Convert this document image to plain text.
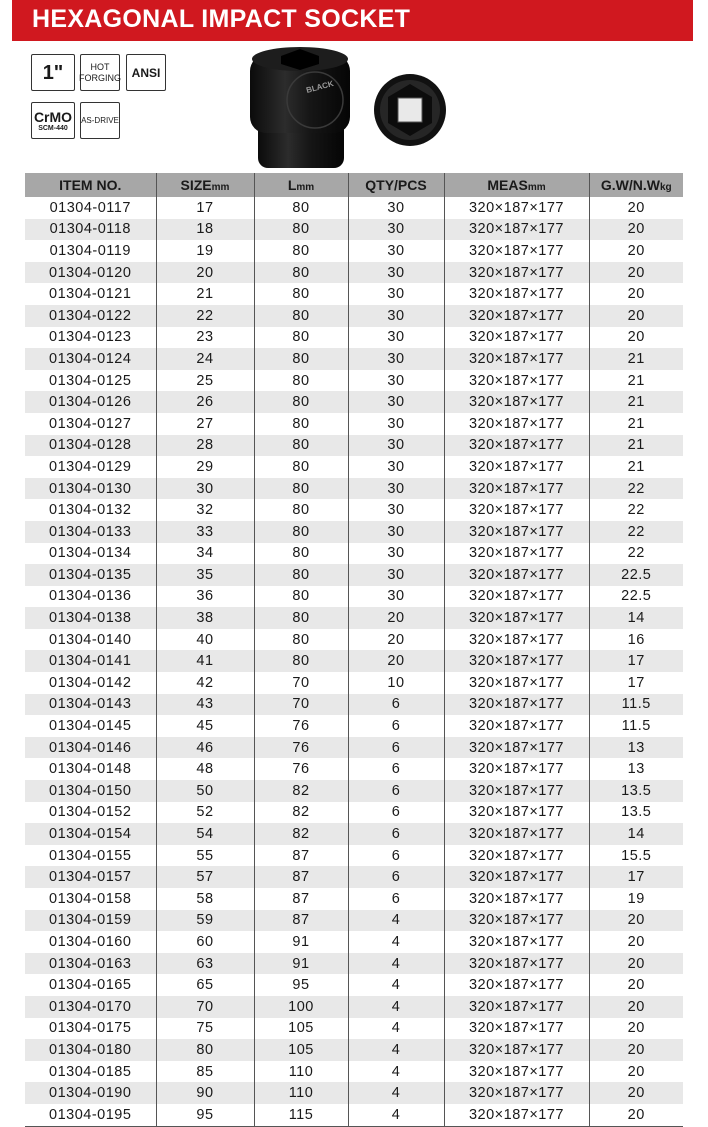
HEXAGONAL IMPACT SOCKET
1"	HOT
FORGING ANSI
CrMO
SCM-440
AS-DRIVE
BLACK
ITEM NO.	SIZEmm	Lmm	QTY/PCS	MEASmm	G.W/N.Wkg
01304-0117	17	80	30	320×187×177	20
01304-0118	18	80	30	320×187×177	20
01304-0119	19	80	30	320×187×177	20
01304-0120	20	80	30	320×187×177	20
01304-0121	21	80	30	320×187×177	20
01304-0122	22	80	30	320×187×177	20
01304-0123	23	80	30	320×187×177	20
01304-0124	24	80	30	320×187×177	21
01304-0125	25	80	30	320×187×177	21
01304-0126	26	80	30	320×187×177	21
01304-0127	27	80	30	320×187×177	21
01304-0128	28	80	30	320×187×177	21
01304-0129	29	80	30	320×187×177	21
01304-0130	30	80	30	320×187×177	22
01304-0132	32	80	30	320×187×177	22
01304-0133	33	80	30	320×187×177	22
01304-0134	34	80	30	320×187×177	22
01304-0135	35	80	30	320×187×177	22.5
01304-0136	36	80	30	320×187×177	22.5
01304-0138	38	80	20	320×187×177	14
01304-0140	40	80	20	320×187×177	16
01304-0141	41	80	20	320×187×177	17
01304-0142	42	70	10	320×187×177	17
01304-0143	43	70	6	320×187×177	11.5
01304-0145	45	76	6	320×187×177	11.5
01304-0146	46	76	6	320×187×177	13
01304-0148	48	76	6	320×187×177	13
01304-0150	50	82	6	320×187×177	13.5
01304-0152	52	82	6	320×187×177	13.5
01304-0154	54	82	6	320×187×177	14
01304-0155	55	87	6	320×187×177	15.5
01304-0157	57	87	6	320×187×177	17
01304-0158	58	87	6	320×187×177	19
01304-0159	59	87	4	320×187×177	20
01304-0160	60	91	4	320×187×177	20
01304-0163	63	91	4	320×187×177	20
01304-0165	65	95	4	320×187×177	20
01304-0170	70	100	4	320×187×177	20
01304-0175	75	105	4	320×187×177	20
01304-0180	80	105	4	320×187×177	20
01304-0185	85	110	4	320×187×177	20
01304-0190	90	110	4	320×187×177	20
01304-0195	95	115	4	320×187×177	20
